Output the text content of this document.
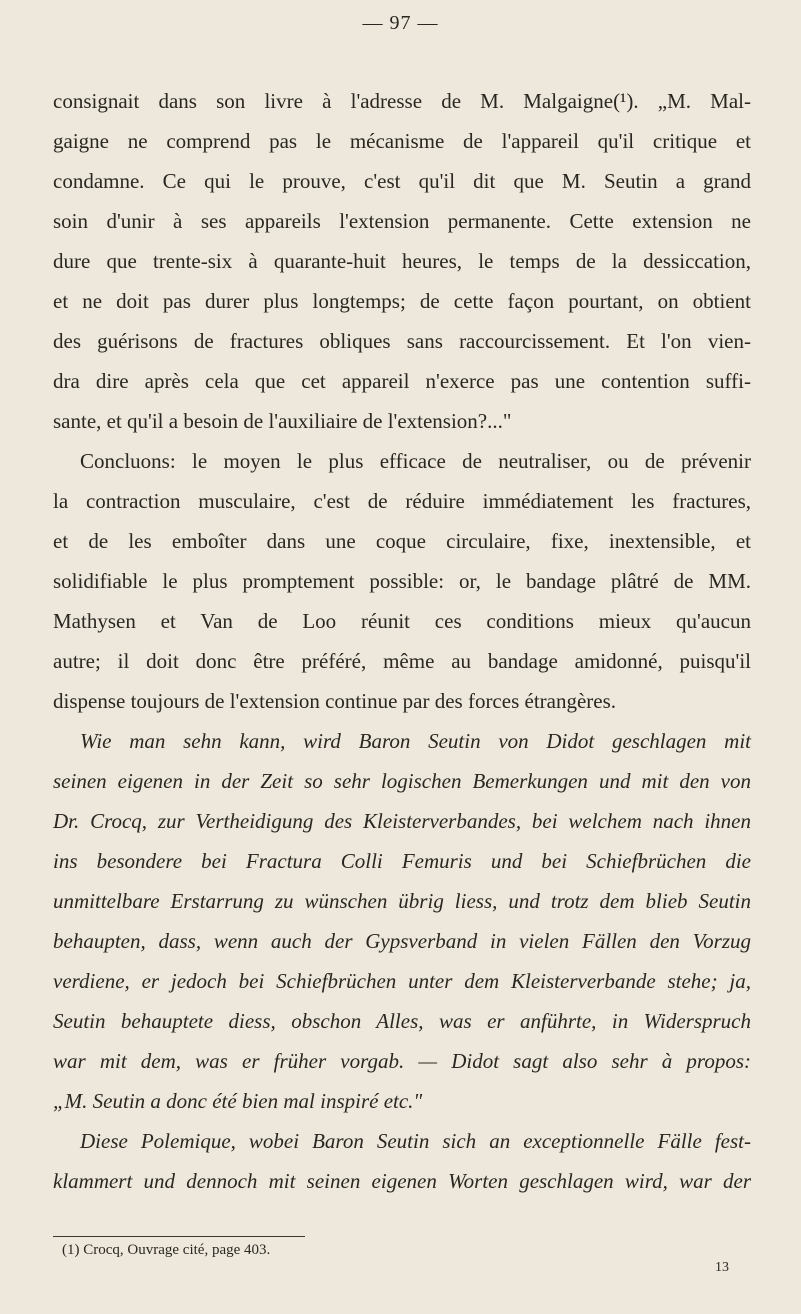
— 97 —
consignait dans son livre à l'adresse de M. Malgaigne(¹). „M. Mal-
gaigne ne comprend pas le mécanisme de l'appareil qu'il critique et
condamne. Ce qui le prouve, c'est qu'il dit que M. Seutin a grand
soin d'unir à ses appareils l'extension permanente. Cette extension ne
dure que trente-six à quarante-huit heures, le temps de la dessiccation,
et ne doit pas durer plus longtemps; de cette façon pourtant, on obtient
des guérisons de fractures obliques sans raccourcissement. Et l'on vien-
dra dire après cela que cet appareil n'exerce pas une contention suffi-
sante, et qu'il a besoin de l'auxiliaire de l'extension?..."
Concluons: le moyen le plus efficace de neutraliser, ou de prévenir
la contraction musculaire, c'est de réduire immédiatement les fractures,
et de les emboîter dans une coque circulaire, fixe, inextensible, et
solidifiable le plus promptement possible: or, le bandage plâtré de MM.
Mathysen et Van de Loo réunit ces conditions mieux qu'aucun
autre; il doit donc être préféré, même au bandage amidonné, puisqu'il
dispense toujours de l'extension continue par des forces étrangères.
Wie man sehn kann, wird Baron Seutin von Didot geschlagen mit
seinen eigenen in der Zeit so sehr logischen Bemerkungen und mit den von
Dr. Crocq, zur Vertheidigung des Kleisterverbandes, bei welchem nach ihnen
ins besondere bei Fractura Colli Femuris und bei Schiefbrüchen die
unmittelbare Erstarrung zu wünschen übrig liess, und trotz dem blieb Seutin
behaupten, dass, wenn auch der Gypsverband in vielen Fällen den Vorzug
verdiene, er jedoch bei Schiefbrüchen unter dem Kleisterverbande stehe; ja,
Seutin behauptete diess, obschon Alles, was er anführte, in Widerspruch
war mit dem, was er früher vorgab. — Didot sagt also sehr à propos:
„M. Seutin a donc été bien mal inspiré etc."
Diese Polemique, wobei Baron Seutin sich an exceptionnelle Fälle fest-
klammert und dennoch mit seinen eigenen Worten geschlagen wird, war der
(1) Crocq, Ouvrage cité, page 403.
13
